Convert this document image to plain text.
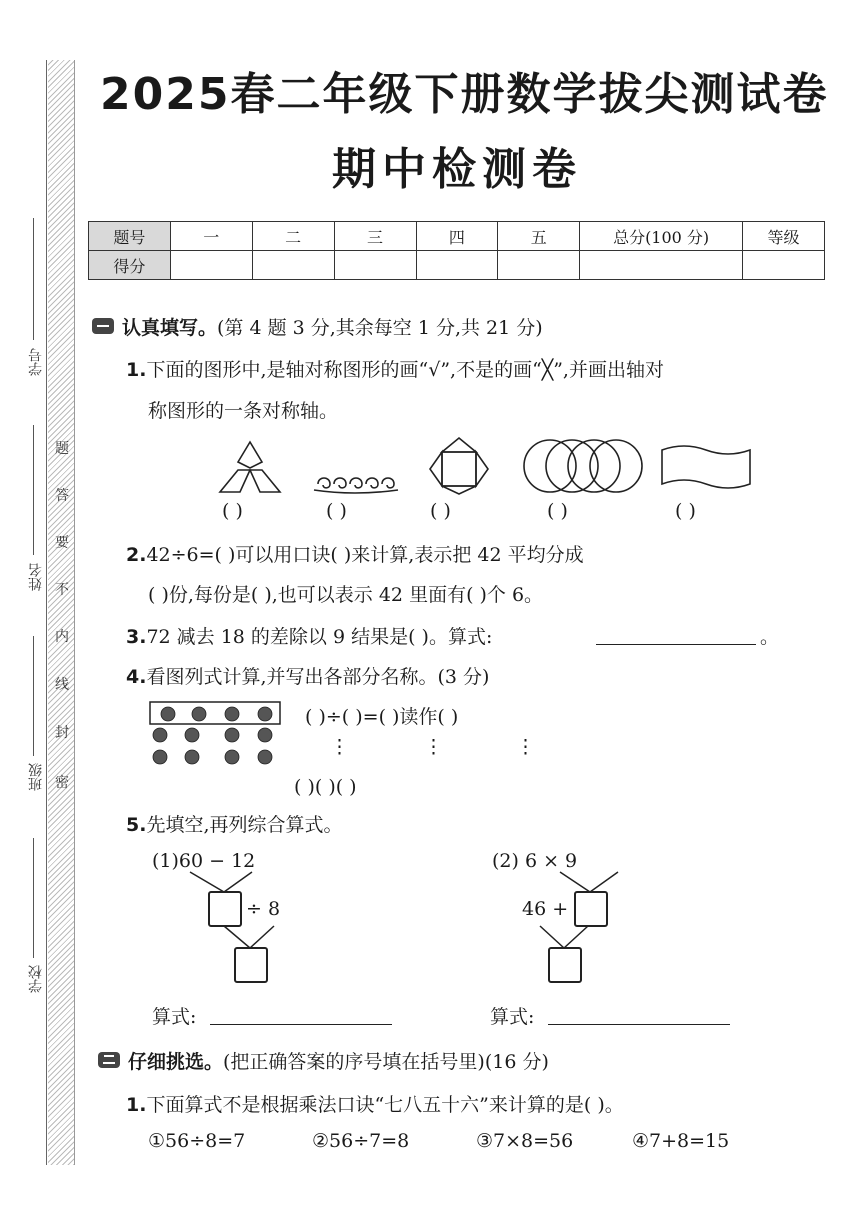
学号
姓名
班级
学校
题
答
要
不
内
线
封
密
2025春二年级下册数学拔尖测试卷
期中检测卷
题号	一	二	三	四	五	总分(100 分)	等级
得分							
认真填写。(第 4 题 3 分,其余每空 1 分,共 21 分)
1.下面的图形中,是轴对称图形的画“√”,不是的画“╳”,并画出轴对
称图形的一条对称轴。
( )	( )	( )	( )	( )
2.42÷6=( )可以用口诀( )来计算,表示把 42 平均分成
( )份,每份是( ),也可以表示 42 里面有( )个 6。
3.72 减去 18 的差除以 9 结果是( )。算式:	。
4.看图列式计算,并写出各部分名称。(3 分)
( )÷( )=( )读作( )
⋮	⋮	⋮
( )( )( )
5.先填空,再列综合算式。
(1)60 − 12
÷ 8
算式:
(2) 6 × 9
46 +
算式:
仔细挑选。(把正确答案的序号填在括号里)(16 分)
1.下面算式不是根据乘法口诀“七八五十六”来计算的是( )。
①56÷8=7	②56÷7=8	③7×8=56	④7+8=15
